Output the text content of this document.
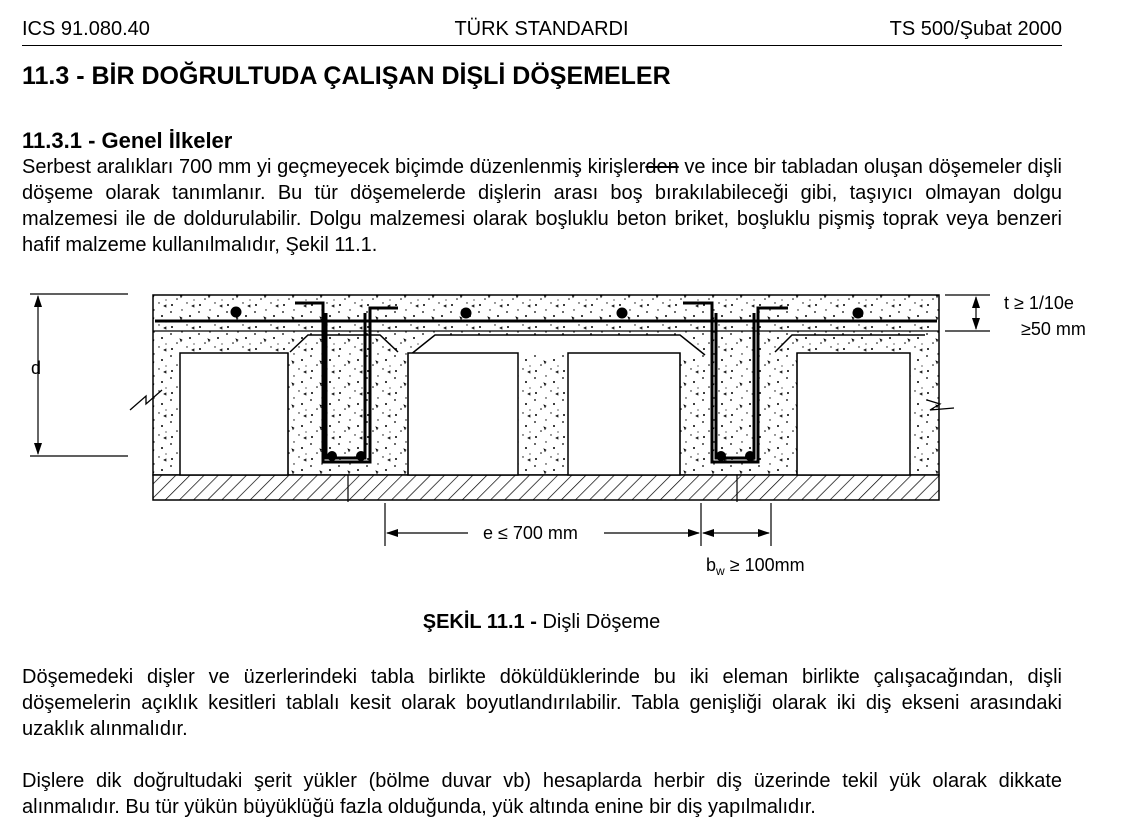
ICS 91.080.40	TÜRK STANDARDI	TS 500/Şubat 2000
11.3 - BİR DOĞRULTUDA ÇALIŞAN DİŞLİ DÖŞEMELER
11.3.1 - Genel İlkeler

Serbest aralıkları 700 mm yi geçmeyecek biçimde düzenlenmiş kirişlerden ve ince bir tabladan oluşan döşemeler dişli döşeme olarak tanımlanır. Bu tür döşemelerde dişlerin arası boş bırakılabileceği gibi, taşıyıcı olmayan dolgu malzemesi ile de doldurulabilir. Dolgu malzemesi olarak boşluklu beton briket, boşluklu pişmiş toprak veya benzeri hafif malzeme kullanılmalıdır, Şekil 11.1.

d
t ≥ 1/10e
≥50 mm
e ≤ 700 mm
$b_w \ge 100mm$
ŞEKİL 11.1 - Dişli Döşeme

Döşemedeki dişler ve üzerlerindeki tabla birlikte döküldüklerinde bu iki eleman birlikte çalışacağından, dişli döşemelerin açıklık kesitleri tablalı kesit olarak boyutlandırılabilir. Tabla genişliği olarak iki diş ekseni arasındaki uzaklık alınmalıdır.

Dişlere dik doğrultudaki şerit yükler (bölme duvar vb) hesaplarda herbir diş üzerinde tekil yük olarak dikkate alınmalıdır. Bu tür yükün büyüklüğü fazla olduğunda, yük altında enine bir diş yapılmalıdır.
